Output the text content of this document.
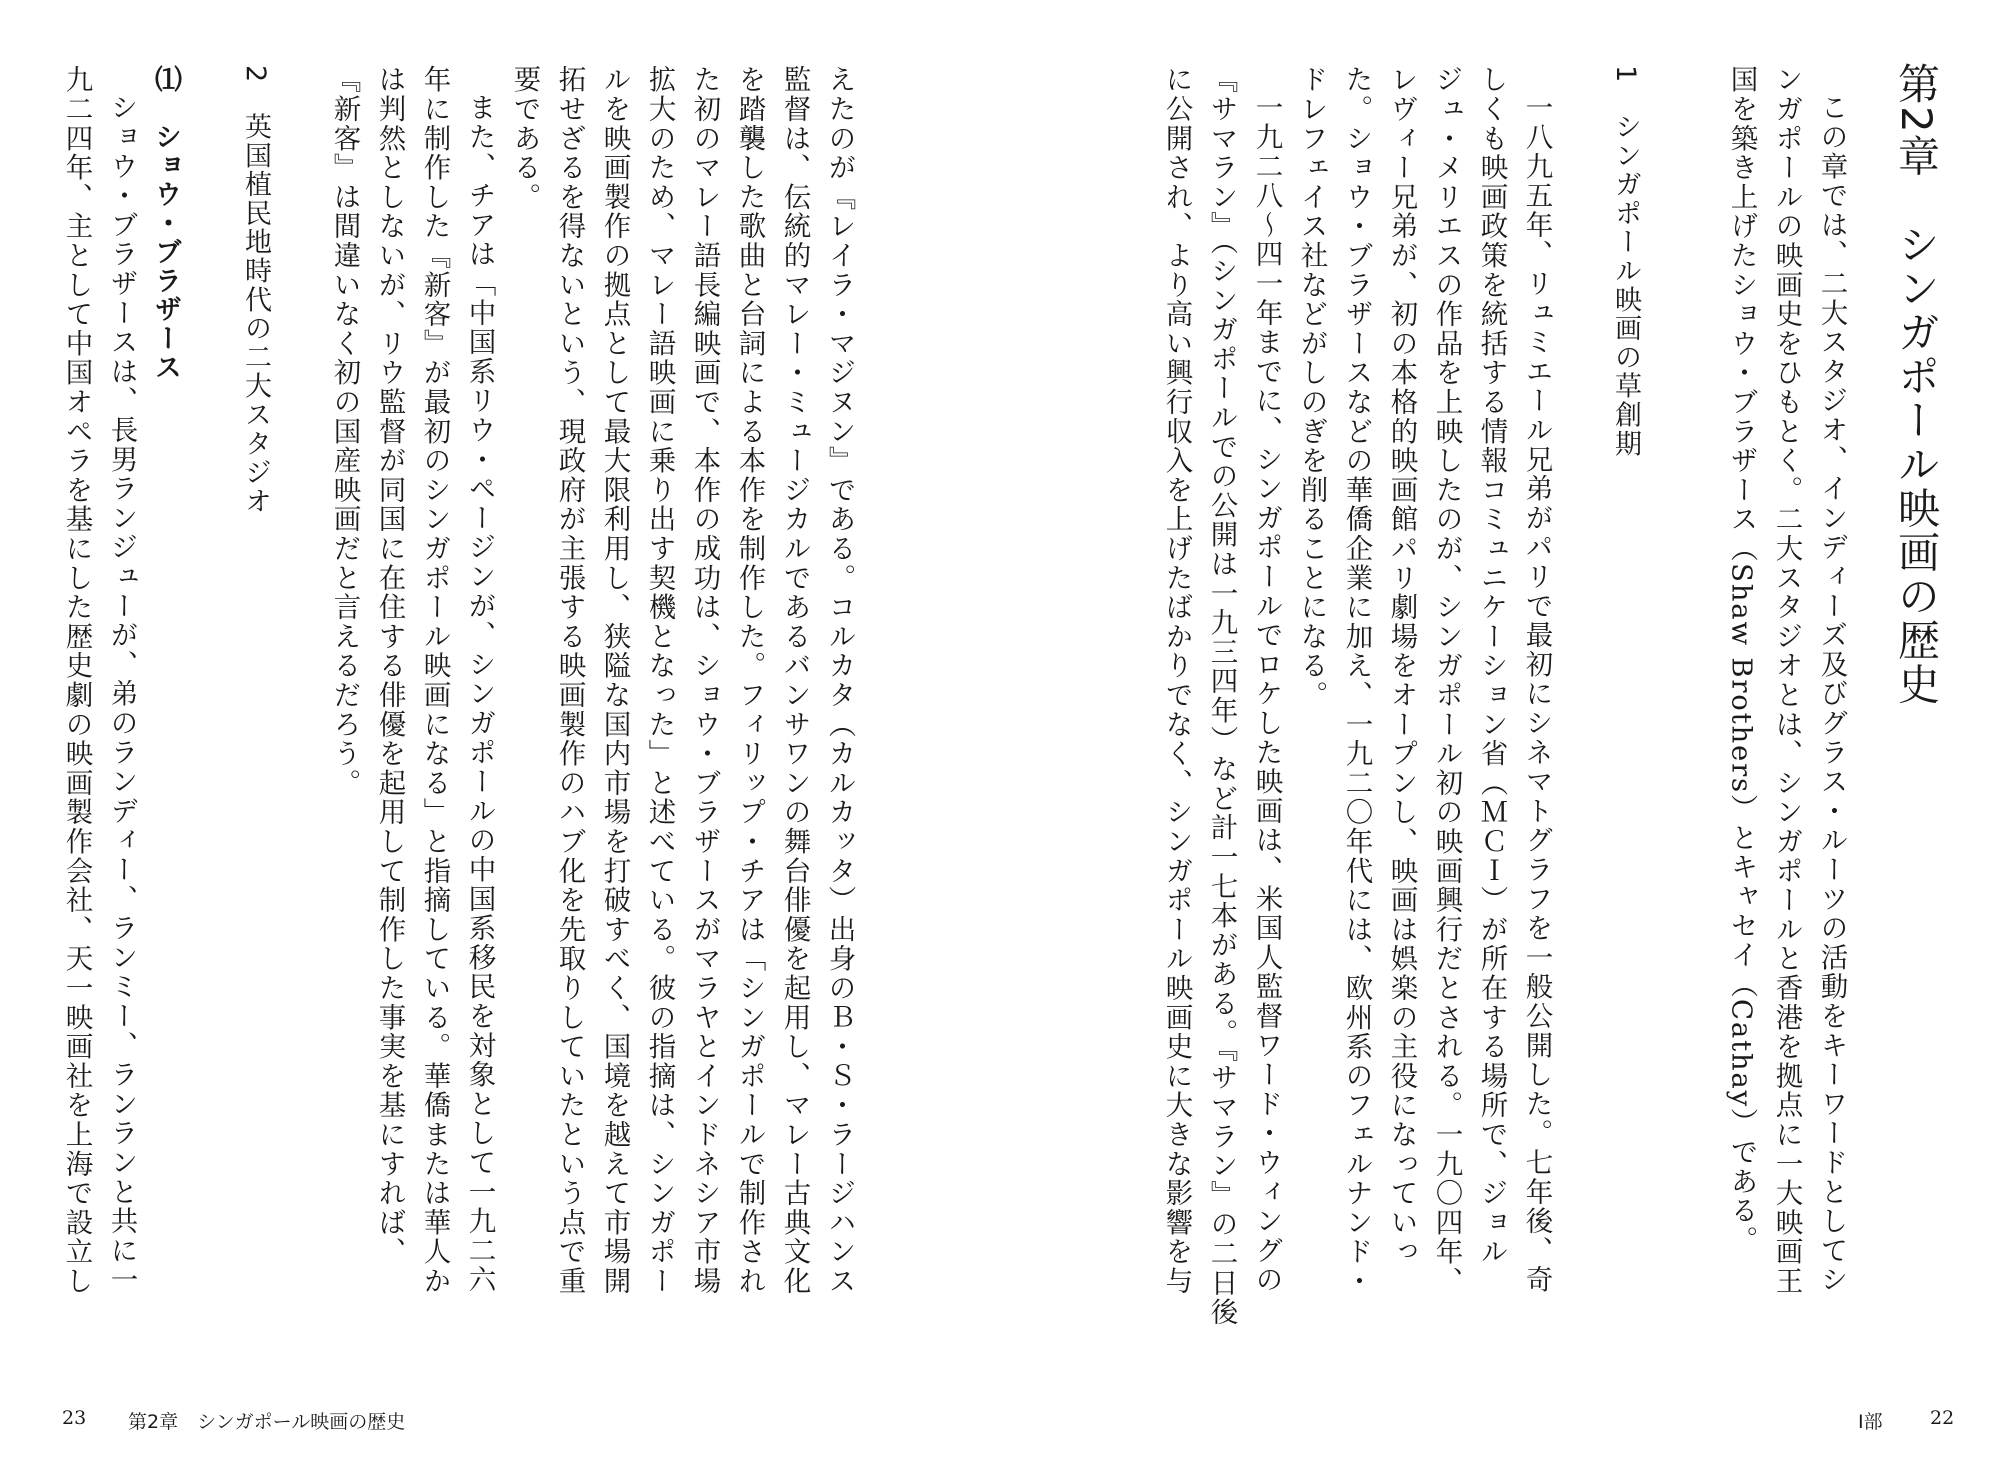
第2章　シンガポール映画の歴史
この章では、二大スタジオ、インディーズ及びグラス・ルーツの活動をキーワードとしてシ
ンガポールの映画史をひもとく。二大スタジオとは、シンガポールと香港を拠点に一大映画王
国を築き上げたショウ・ブラザース（Shaw Brothers）とキャセイ（Cathay）である。
1　シンガポール映画の草創期
一八九五年、リュミエール兄弟がパリで最初にシネマトグラフを一般公開した。七年後、奇
しくも映画政策を統括する情報コミュニケーション省（ＭＣＩ）が所在する場所で、ジョル
ジュ・メリエスの作品を上映したのが、シンガポール初の映画興行だとされる。一九〇四年、
レヴィー兄弟が、初の本格的映画館パリ劇場をオープンし、映画は娯楽の主役になっていっ
た。ショウ・ブラザースなどの華僑企業に加え、一九二〇年代には、欧州系のフェルナンド・
ドレフェイス社などがしのぎを削ることになる。
一九二八～四一年までに、シンガポールでロケした映画は、米国人監督ワード・ウィングの
『サマラン』（シンガポールでの公開は一九三四年）など計一七本がある。『サマラン』の二日後
に公開され、より高い興行収入を上げたばかりでなく、シンガポール映画史に大きな影響を与
Ⅰ部 22
えたのが『レイラ・マジヌン』である。コルカタ（カルカッタ）出身のＢ・Ｓ・ラージハンス
監督は、伝統的マレー・ミュージカルであるバンサワンの舞台俳優を起用し、マレー古典文化
を踏襲した歌曲と台詞による本作を制作した。フィリップ・チアは「シンガポールで制作され
た初のマレー語長編映画で、本作の成功は、ショウ・ブラザースがマラヤとインドネシア市場
拡大のため、マレー語映画に乗り出す契機となった」と述べている。彼の指摘は、シンガポー
ルを映画製作の拠点として最大限利用し、狭隘な国内市場を打破すべく、国境を越えて市場開
拓せざるを得ないという、現政府が主張する映画製作のハブ化を先取りしていたという点で重
要である。
また、チアは「中国系リウ・ページンが、シンガポールの中国系移民を対象として一九二六
年に制作した『新客』が最初のシンガポール映画になる」と指摘している。華僑または華人か
は判然としないが、リウ監督が同国に在住する俳優を起用して制作した事実を基にすれば、
『新客』は間違いなく初の国産映画だと言えるだろう。
2　英国植民地時代の二大スタジオ
⑴　ショウ・ブラザース
ショウ・ブラザースは、長男ランジューが、弟のランディー、ランミー、ランランと共に一
九二四年、主として中国オペラを基にした歴史劇の映画製作会社、天一映画社を上海で設立し
23 第2章　シンガポール映画の歴史
